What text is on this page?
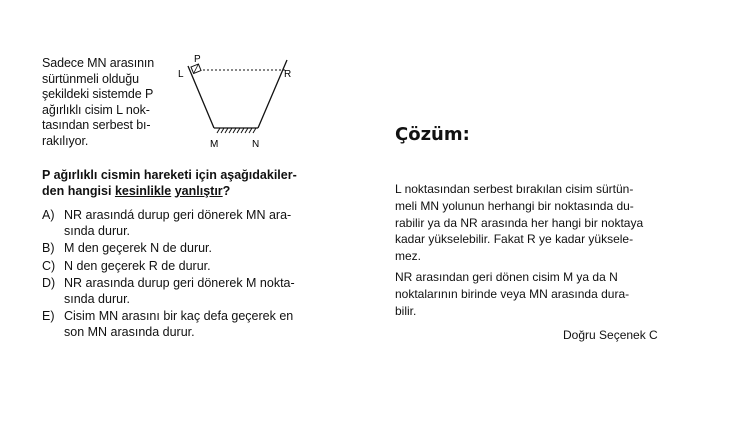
Sadece MN arasının
sürtünmeli olduğu
şekildeki sistemde P
ağırlıklı cisim L nok-
tasından serbest bı-
rakılıyor.
P
L	R
M	N
P ağırlıklı cismin hareketi için aşağıdakiler-
den hangisi kesinlikle yanlıştır?
A) NR arasındá durup geri dönerek MN ara-
sında durur.
B) M den geçerek N de durur.
C) N den geçerek R de durur.
D) NR arasında durup geri dönerek M nokta-
sında durur.
E) Cisim MN arasını bir kaç defa geçerek en
son MN arasında durur.
Çözüm:
L noktasından serbest bırakılan cisim sürtün-
meli MN yolunun herhangi bir noktasında du-
rabilir ya da NR arasında her hangi bir noktaya
kadar yükselebilir. Fakat R ye kadar yüksele-
mez.
NR arasından geri dönen cisim M ya da N
noktalarının birinde veya MN arasında dura-
bilir.
Doğru Seçenek C
